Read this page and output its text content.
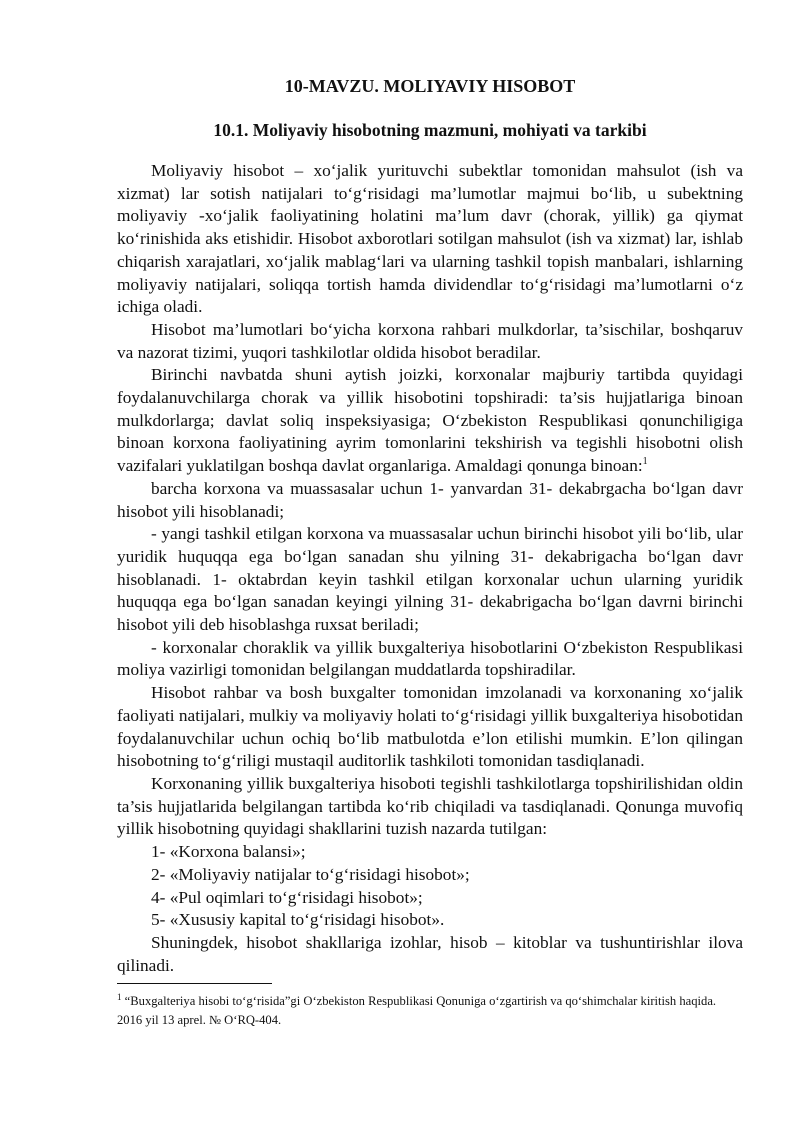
10-MAVZU. MOLIYAVIY HISOBOT
10.1. Moliyaviy hisobotning mazmuni, mohiyati va tarkibi

Moliyaviy hisobot – xo‘jalik yurituvchi subektlar tomonidan mahsulot (ish va xizmat) lar sotish natijalari to‘g‘risidagi ma’lumotlar majmui bo‘lib, u subektning moliyaviy -xo‘jalik faoliyatining holatini ma’lum davr (chorak, yillik) ga qiymat ko‘rinishida aks etishidir. Hisobot axborotlari sotilgan mahsulot (ish va xizmat) lar, ishlab chiqarish xarajatlari, xo‘jalik mablag‘lari va ularning tashkil topish manbalari, ishlarning moliyaviy natijalari, soliqqa tortish hamda dividendlar to‘g‘risidagi ma’lumotlarni o‘z ichiga oladi.

Hisobot ma’lumotlari bo‘yicha korxona rahbari mulkdorlar, ta’sischilar, boshqaruv va nazorat tizimi, yuqori tashkilotlar oldida hisobot beradilar.

Birinchi navbatda shuni aytish joizki, korxonalar majburiy tartibda quyidagi foydalanuvchilarga chorak va yillik hisobotini topshiradi: ta’sis hujjatlariga binoan mulkdorlarga; davlat soliq inspeksiyasiga; O‘zbekiston Respublikasi qonunchiligiga binoan korxona faoliyatining ayrim tomonlarini tekshirish va tegishli hisobotni olish vazifalari yuklatilgan boshqa davlat organlariga. Amaldagi qonunga binoan:$^1$

barcha korxona va muassasalar uchun 1- yanvardan 31- dekabrgacha bo‘lgan davr hisobot yili hisoblanadi;

‑ yangi tashkil etilgan korxona va muassasalar uchun birinchi hisobot yili bo‘lib, ular yuridik huquqqa ega bo‘lgan sanadan shu yilning 31- dekabrigacha bo‘lgan davr hisoblanadi. 1- oktabrdan keyin tashkil etilgan korxonalar uchun ularning yuridik huquqqa ega bo‘lgan sanadan keyingi yilning 31- dekabrigacha bo‘lgan davrni birinchi hisobot yili deb hisoblashga ruxsat beriladi;

‑ korxonalar choraklik va yillik buxgalteriya hisobotlarini O‘zbekiston Respublikasi moliya vazirligi tomonidan belgilangan muddatlarda topshiradilar.

Hisobot rahbar va bosh buxgalter tomonidan imzolanadi va korxonaning xo‘jalik faoliyati natijalari, mulkiy va moliyaviy holati to‘g‘risidagi yillik buxgalteriya hisobotidan foydalanuvchilar uchun ochiq bo‘lib matbulotda e’lon etilishi mumkin. E’lon qilingan hisobotning to‘g‘riligi mustaqil auditorlik tashkiloti tomonidan tasdiqlanadi.

Korxonaning yillik buxgalteriya hisoboti tegishli tashkilotlarga topshirilishidan oldin ta’sis hujjatlarida belgilangan tartibda ko‘rib chiqiladi va tasdiqlanadi. Qonunga muvofiq yillik hisobotning quyidagi shakllarini tuzish nazarda tutilgan:

1- «Korxona balansi»;

2- «Moliyaviy natijalar to‘g‘risidagi hisobot»;

4- «Pul oqimlari to‘g‘risidagi hisobot»;

5- «Xususiy kapital to‘g‘risidagi hisobot».

Shuningdek, hisobot shakllariga izohlar, hisob – kitoblar va tushuntirishlar ilova qilinadi.

$^1$ “Buxgalteriya hisobi to‘g‘risida”gi O‘zbekiston Respublikasi Qonuniga o‘zgartirish va qo‘shimchalar kiritish haqida. 2016 yil 13 aprel. № O‘RQ-404.
